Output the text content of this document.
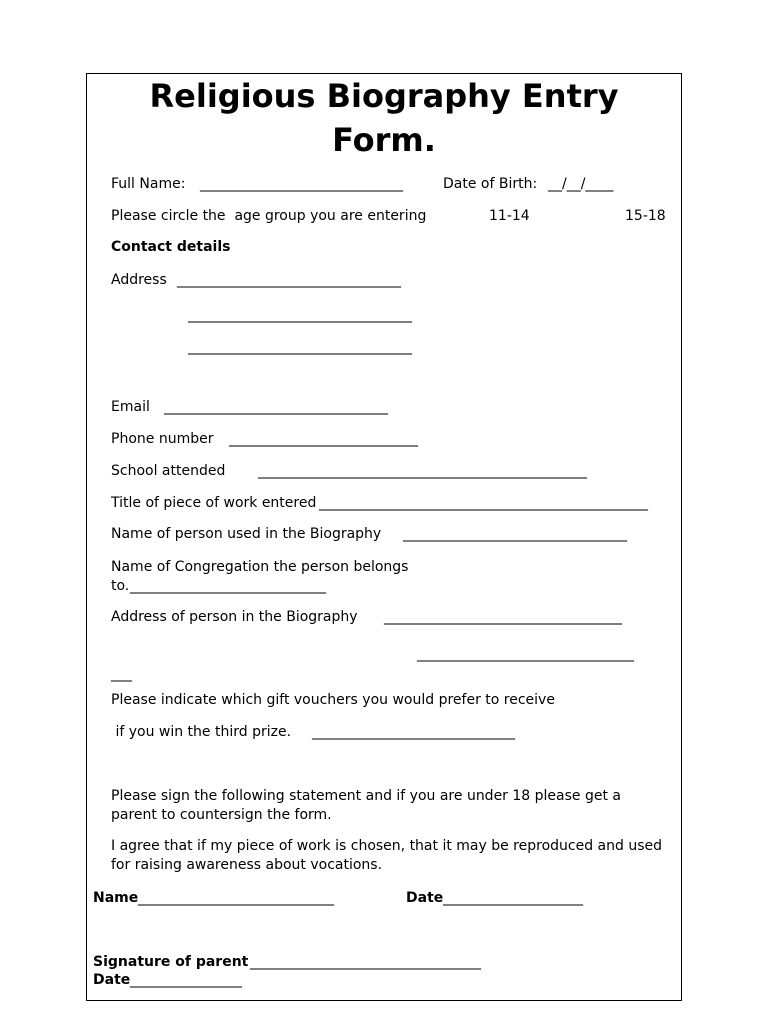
Religious Biography Entry
Form.
Full Name: _____________________________	Date of Birth: __/__/____
Please circle the  age group you are entering	11-14	15-18
Contact details
Address ________________________________
________________________________
________________________________
Email ________________________________
Phone number ___________________________
School attended _______________________________________________
Title of piece of work entered _______________________________________________
Name of person used in the Biography ________________________________
Name of Congregation the person belongs
to. ____________________________
Address of person in the Biography __________________________________
_______________________________
___
Please indicate which gift vouchers you would prefer to receive
if you win the third prize. _____________________________
Please sign the following statement and if you are under 18 please get a
parent to countersign the form.
I agree that if my piece of work is chosen, that it may be reproduced and used
for raising awareness about vocations.
Name ____________________________	Date ____________________
Signature of parent _________________________________
Date ________________
